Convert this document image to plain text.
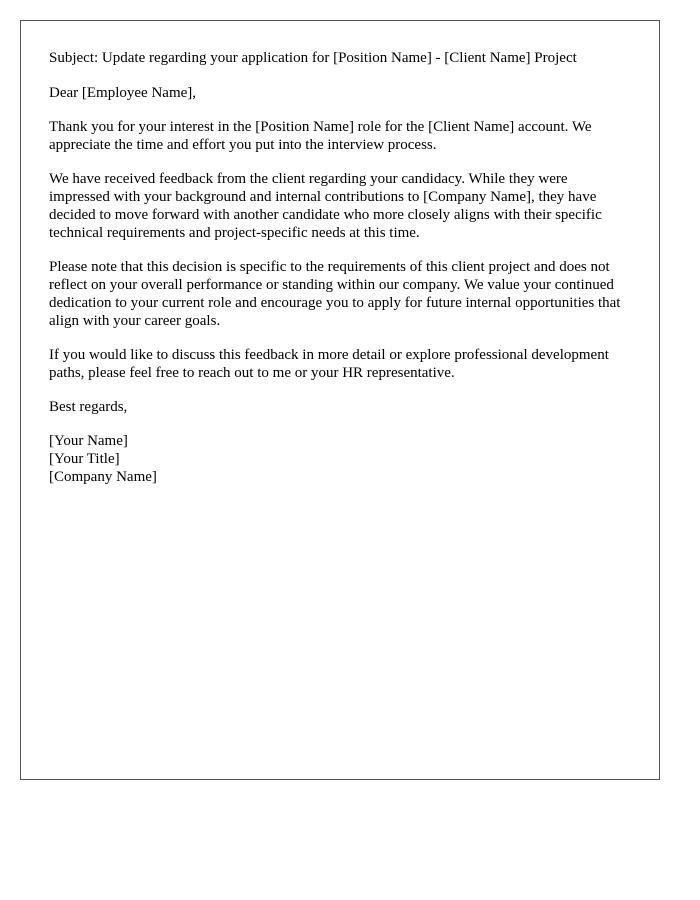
Subject: Update regarding your application for [Position Name] - [Client Name] Project

Dear [Employee Name],

Thank you for your interest in the [Position Name] role for the [Client Name] account. We appreciate the time and effort you put into the interview process.

We have received feedback from the client regarding your candidacy. While they were impressed with your background and internal contributions to [Company Name], they have decided to move forward with another candidate who more closely aligns with their specific technical requirements and project-specific needs at this time.

Please note that this decision is specific to the requirements of this client project and does not reflect on your overall performance or standing within our company. We value your continued dedication to your current role and encourage you to apply for future internal opportunities that align with your career goals.

If you would like to discuss this feedback in more detail or explore professional development paths, please feel free to reach out to me or your HR representative.

Best regards,

[Your Name]
[Your Title]
[Company Name]
